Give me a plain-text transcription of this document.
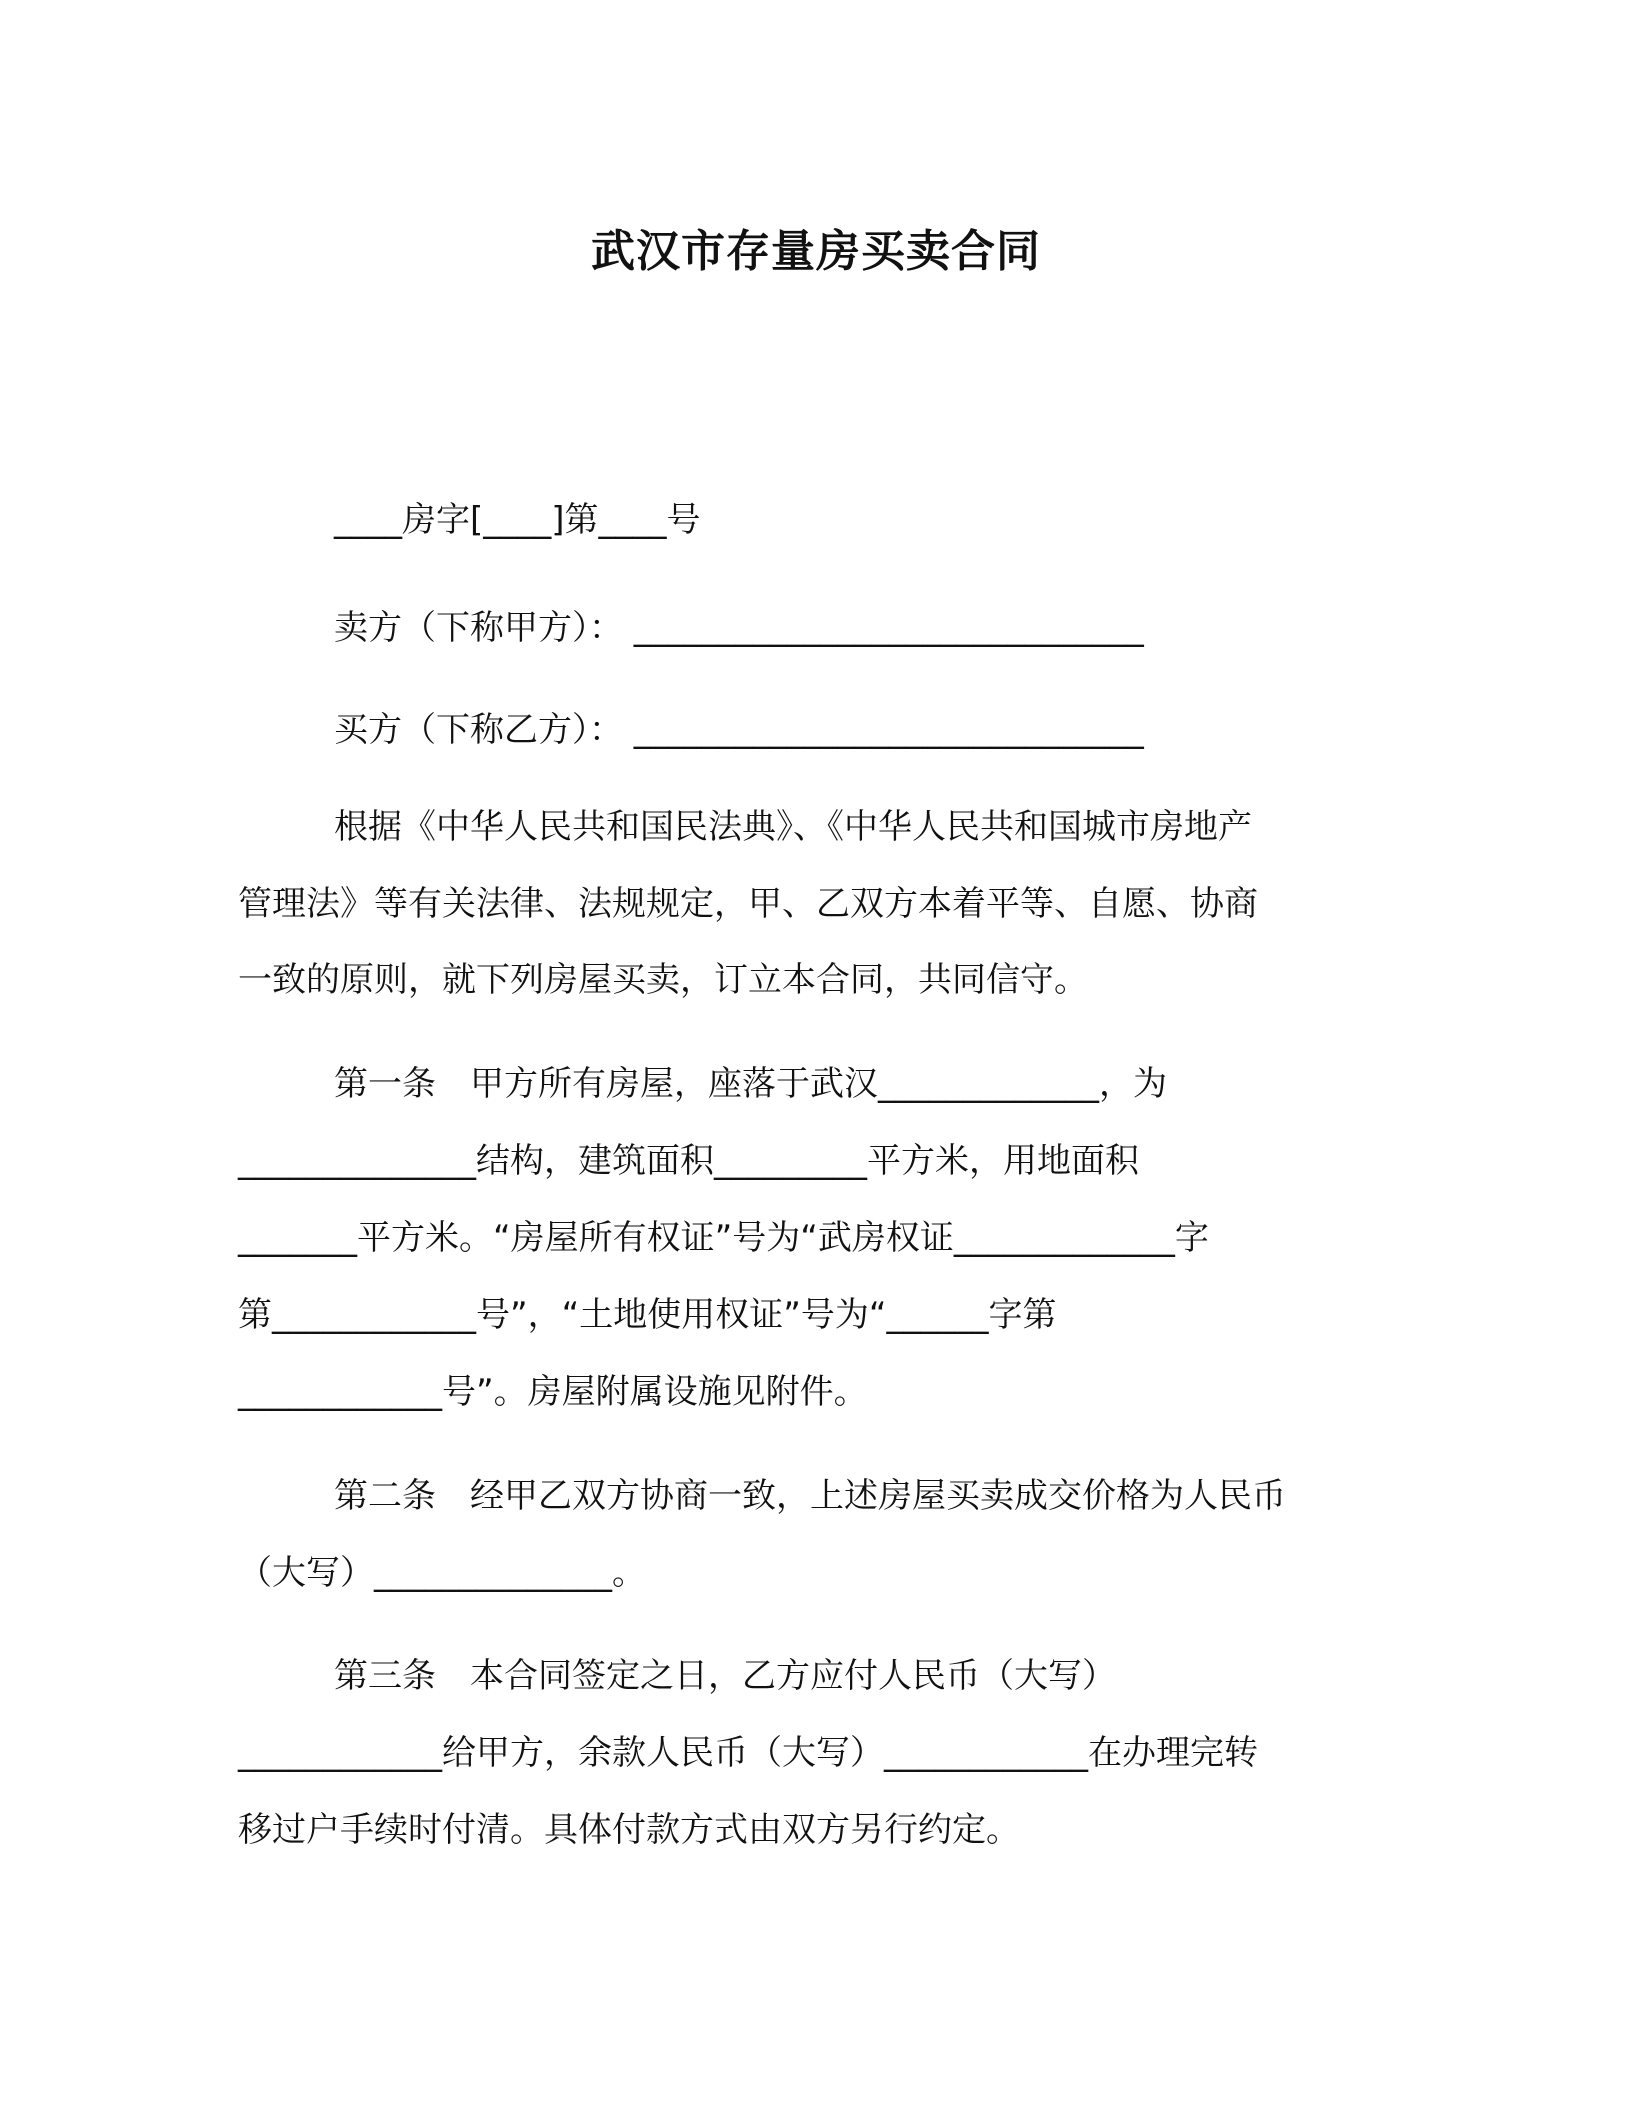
武汉市存量房买卖合同
____房字[____]第____号
卖方（下称甲方）： ______________________________
买方（下称乙方）： ______________________________
根据《中华人民共和国民法典》、《中华人民共和国城市房地产
管理法》等有关法律、法规规定，甲、乙双方本着平等、自愿、协商
一致的原则，就下列房屋买卖，订立本合同，共同信守。
第一条　甲方所有房屋，座落于武汉_____________，为
______________结构，建筑面积_________平方米，用地面积
_______平方米。“房屋所有权证”号为“武房权证_____________字
第____________号”，“土地使用权证”号为“______字第
____________号”。房屋附属设施见附件。
第二条　经甲乙双方协商一致，上述房屋买卖成交价格为人民币
（大写）______________。
第三条　本合同签定之日，乙方应付人民币（大写）
____________给甲方，余款人民币（大写）____________在办理完转
移过户手续时付清。具体付款方式由双方另行约定。
